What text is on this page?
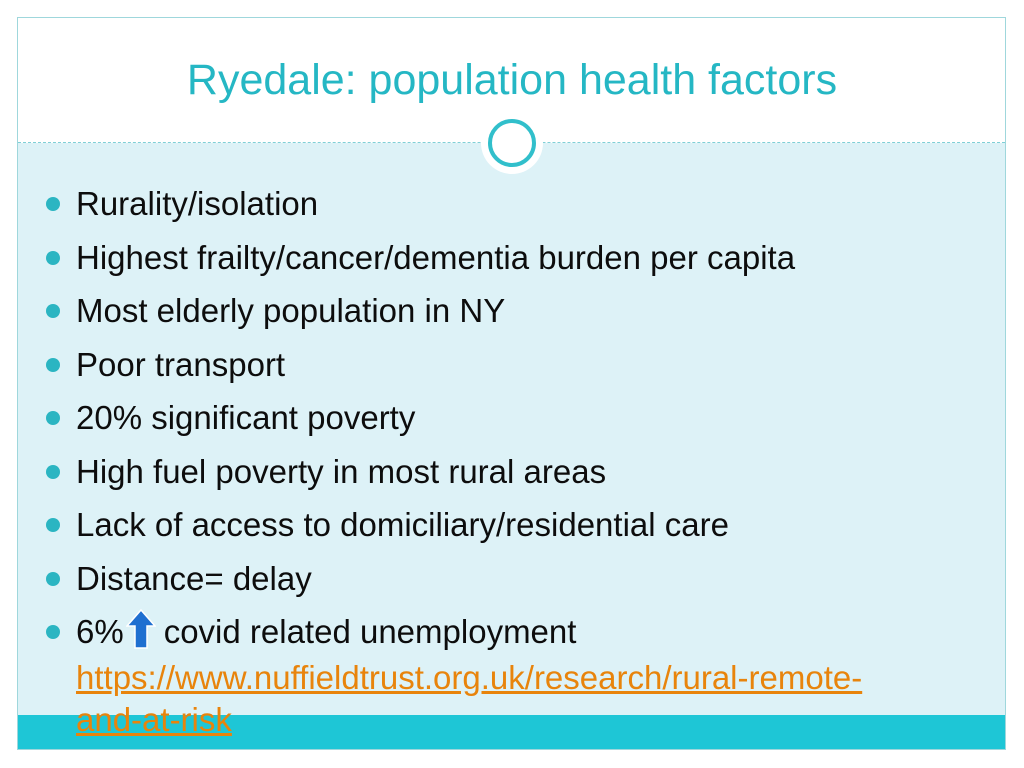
Ryedale: population health factors
Rurality/isolation
Highest frailty/cancer/dementia burden per capita
Most elderly population in NY
Poor transport
20% significant poverty
High fuel poverty in most rural areas
Lack of access to domiciliary/residential care
Distance= delay
6% covid related unemployment
https://www.nuffieldtrust.org.uk/research/rural-remote-
and-at-risk
